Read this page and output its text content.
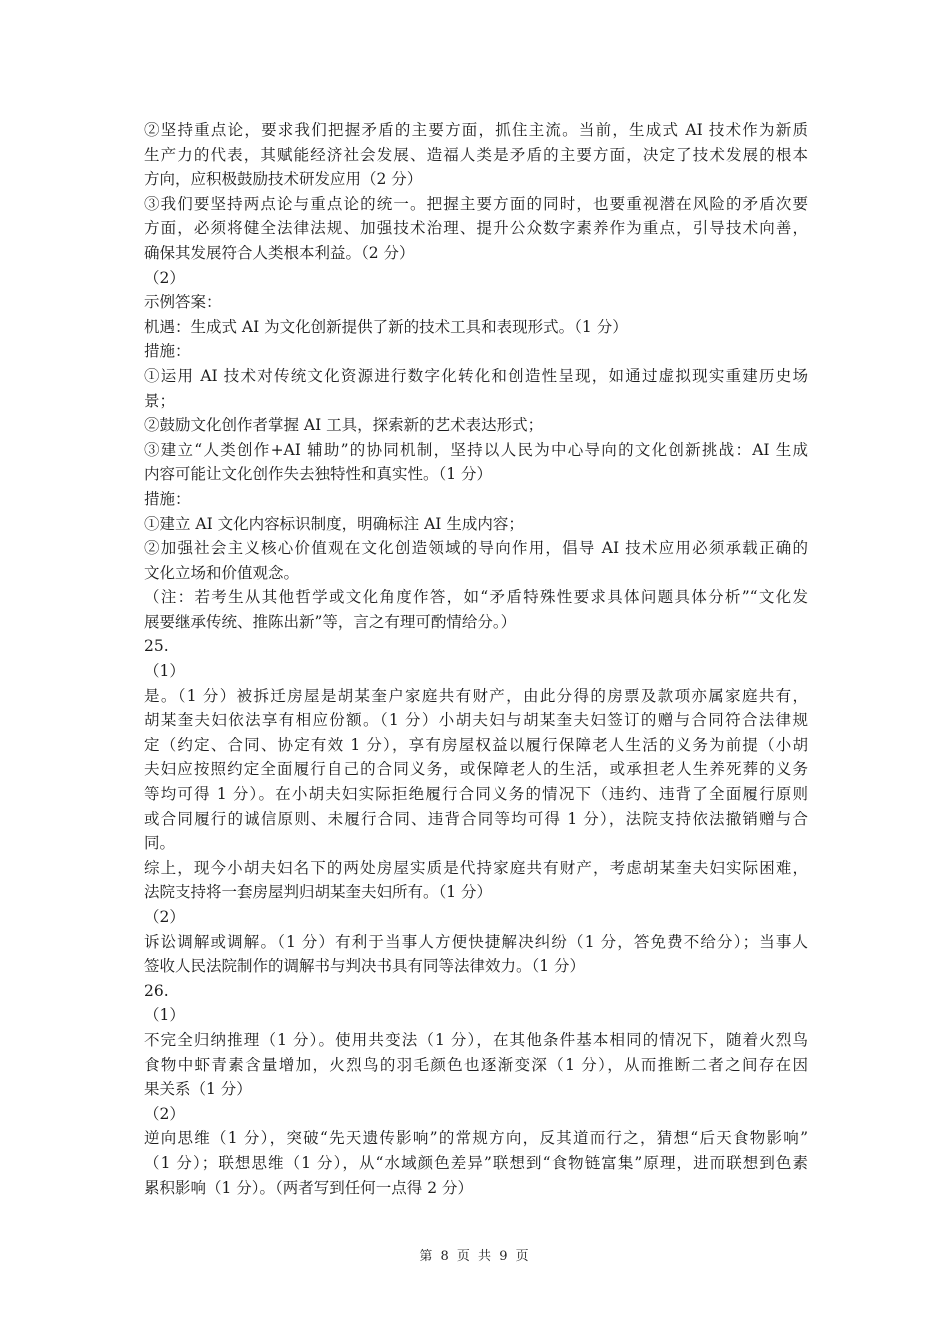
②坚持重点论，要求我们把握矛盾的主要方面，抓住主流。当前，生成式 AI 技术作为新质
生产力的代表，其赋能经济社会发展、造福人类是矛盾的主要方面，决定了技术发展的根本
方向，应积极鼓励技术研发应用（2 分）
③我们要坚持两点论与重点论的统一。把握主要方面的同时，也要重视潜在风险的矛盾次要
方面，必须将健全法律法规、加强技术治理、提升公众数字素养作为重点，引导技术向善，
确保其发展符合人类根本利益。（2 分）
（2）
示例答案：
机遇：生成式 AI 为文化创新提供了新的技术工具和表现形式。（1 分）
措施：
①运用 AI 技术对传统文化资源进行数字化转化和创造性呈现，如通过虚拟现实重建历史场
景；
②鼓励文化创作者掌握 AI 工具，探索新的艺术表达形式；
③建立“人类创作+AI 辅助”的协同机制，坚持以人民为中心导向的文化创新挑战：AI 生成
内容可能让文化创作失去独特性和真实性。（1 分）
措施：
①建立 AI 文化内容标识制度，明确标注 AI 生成内容；
②加强社会主义核心价值观在文化创造领域的导向作用，倡导 AI 技术应用必须承载正确的
文化立场和价值观念。
（注：若考生从其他哲学或文化角度作答，如“矛盾特殊性要求具体问题具体分析”“文化发
展要继承传统、推陈出新”等，言之有理可酌情给分。）
25.
（1）
是。（1 分）被拆迁房屋是胡某奎户家庭共有财产，由此分得的房票及款项亦属家庭共有，
胡某奎夫妇依法享有相应份额。（1 分）小胡夫妇与胡某奎夫妇签订的赠与合同符合法律规
定（约定、合同、协定有效 1 分），享有房屋权益以履行保障老人生活的义务为前提（小胡
夫妇应按照约定全面履行自己的合同义务，或保障老人的生活，或承担老人生养死葬的义务
等均可得 1 分）。在小胡夫妇实际拒绝履行合同义务的情况下（违约、违背了全面履行原则
或合同履行的诚信原则、未履行合同、违背合同等均可得 1 分），法院支持依法撤销赠与合
同。
综上，现今小胡夫妇名下的两处房屋实质是代持家庭共有财产，考虑胡某奎夫妇实际困难，
法院支持将一套房屋判归胡某奎夫妇所有。（1 分）
（2）
诉讼调解或调解。（1 分）有利于当事人方便快捷解决纠纷（1 分，答免费不给分）；当事人
签收人民法院制作的调解书与判决书具有同等法律效力。（1 分）
26.
（1）
不完全归纳推理（1 分）。使用共变法（1 分），在其他条件基本相同的情况下，随着火烈鸟
食物中虾青素含量增加，火烈鸟的羽毛颜色也逐渐变深（1 分），从而推断二者之间存在因
果关系（1 分）
（2）
逆向思维（1 分），突破“先天遗传影响”的常规方向，反其道而行之，猜想“后天食物影响”
（1 分）；联想思维（1 分），从“水域颜色差异”联想到“食物链富集”原理，进而联想到色素
累积影响（1 分）。（两者写到任何一点得 2 分）
第 8 页 共 9 页
